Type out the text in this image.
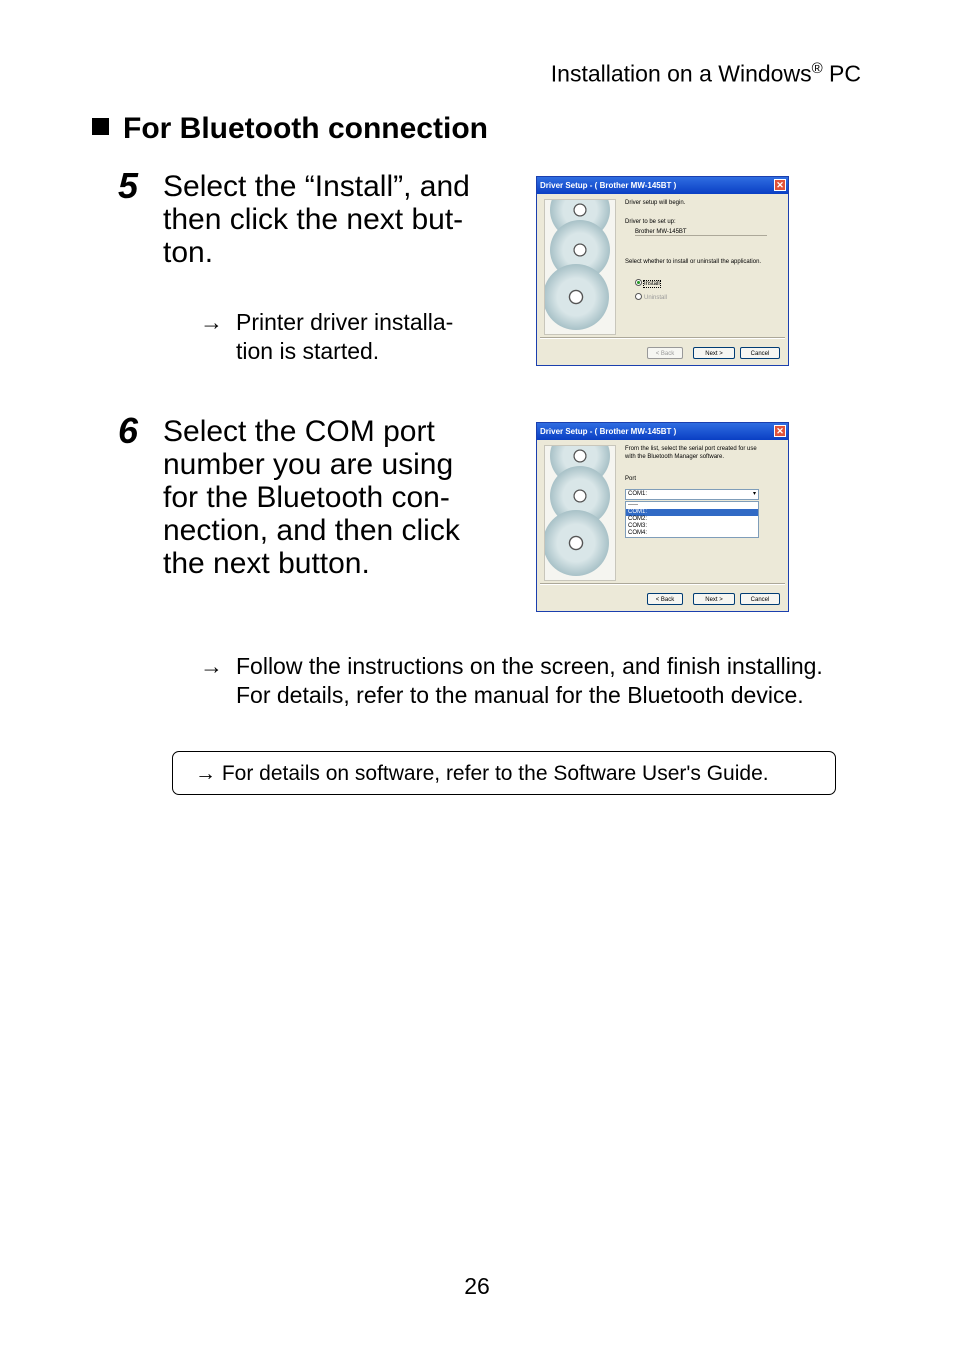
Installation on a Windows® PC
For Bluetooth connection
5 Select the “Install”, and
then click the next but-
ton.
→ Printer driver installa-
tion is started.
Driver Setup - ( Brother MW-145BT )	✕
Driver setup will begin.
Driver to be set up:
Brother MW-145BT
Select whether to install or uninstall the application.
Install
Uninstall
< Back	Next >	Cancel
6 Select the COM port
number you are using
for the Bluetooth con-
nection, and then click
the next button.
Driver Setup - ( Brother MW-145BT )	✕
From the list, select the serial port created for use
with the Bluetooth Manager software.
Port
COM1:	▾
-----
COM1:
COM2:
COM3:
COM4:
< Back	Next >	Cancel
→ Follow the instructions on the screen, and finish installing.
For details, refer to the manual for the Bluetooth device.
→ For details on software, refer to the Software User's Guide.
26
